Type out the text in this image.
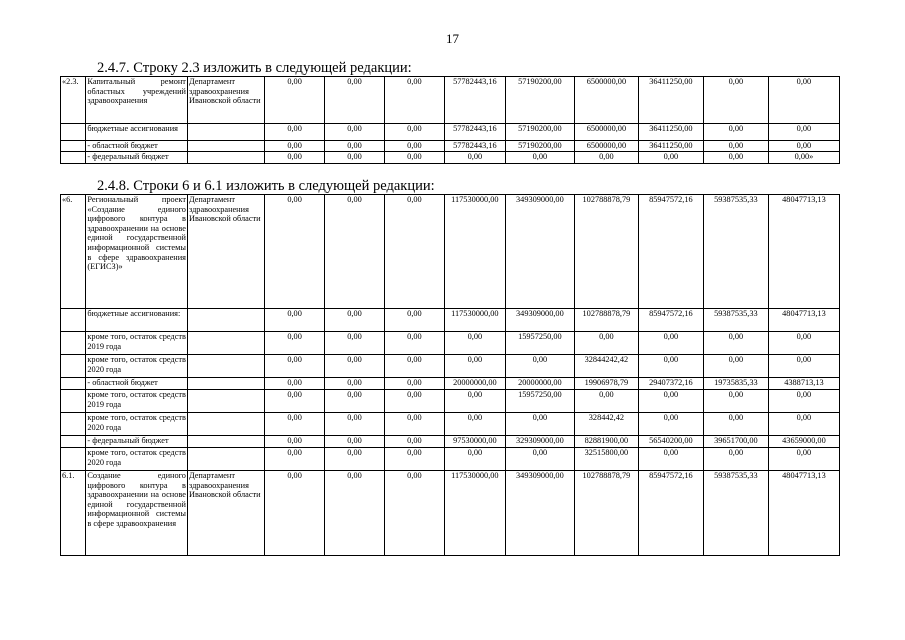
17
2.4.7. Строку 2.3 изложить в следующей редакции:
«2.3.	Капитальный ремонт областных учреждений здравоохранения	Департамент здравоохранения Ивановской области	0,00	0,00	0,00	57782443,16	57190200,00	6500000,00	36411250,00	0,00	0,00
	бюджетные ассигнования		0,00	0,00	0,00	57782443,16	57190200,00	6500000,00	36411250,00	0,00	0,00
	- областной бюджет		0,00	0,00	0,00	57782443,16	57190200,00	6500000,00	36411250,00	0,00	0,00
	- федеральный бюджет		0,00	0,00	0,00	0,00	0,00	0,00	0,00	0,00	0,00»
2.4.8. Строки 6 и 6.1 изложить в следующей редакции:
«6.	Региональный проект «Создание единого цифрового контура в здравоохранении на основе единой государственной информационной системы в сфере здравоохранения (ЕГИСЗ)»	Департамент здравоохранения Ивановской области	0,00	0,00	0,00	117530000,00	349309000,00	102788878,79	85947572,16	59387535,33	48047713,13
	бюджетные ассигнования:		0,00	0,00	0,00	117530000,00	349309000,00	102788878,79	85947572,16	59387535,33	48047713,13
	кроме того, остаток средств 2019 года		0,00	0,00	0,00	0,00	15957250,00	0,00	0,00	0,00	0,00
	кроме того, остаток средств 2020 года		0,00	0,00	0,00	0,00	0,00	32844242,42	0,00	0,00	0,00
	- областной бюджет		0,00	0,00	0,00	20000000,00	20000000,00	19906978,79	29407372,16	19735835,33	4388713,13
	кроме того, остаток средств 2019 года		0,00	0,00	0,00	0,00	15957250,00	0,00	0,00	0,00	0,00
	кроме того, остаток средств 2020 года		0,00	0,00	0,00	0,00	0,00	328442,42	0,00	0,00	0,00
	- федеральный бюджет		0,00	0,00	0,00	97530000,00	329309000,00	82881900,00	56540200,00	39651700,00	43659000,00
	кроме того, остаток средств 2020 года		0,00	0,00	0,00	0,00	0,00	32515800,00	0,00	0,00	0,00
6.1.	Создание единого цифрового контура в здравоохранении на основе единой государственной информационной системы в сфере здравоохранения	Департамент здравоохранения Ивановской области	0,00	0,00	0,00	117530000,00	349309000,00	102788878,79	85947572,16	59387535,33	48047713,13
